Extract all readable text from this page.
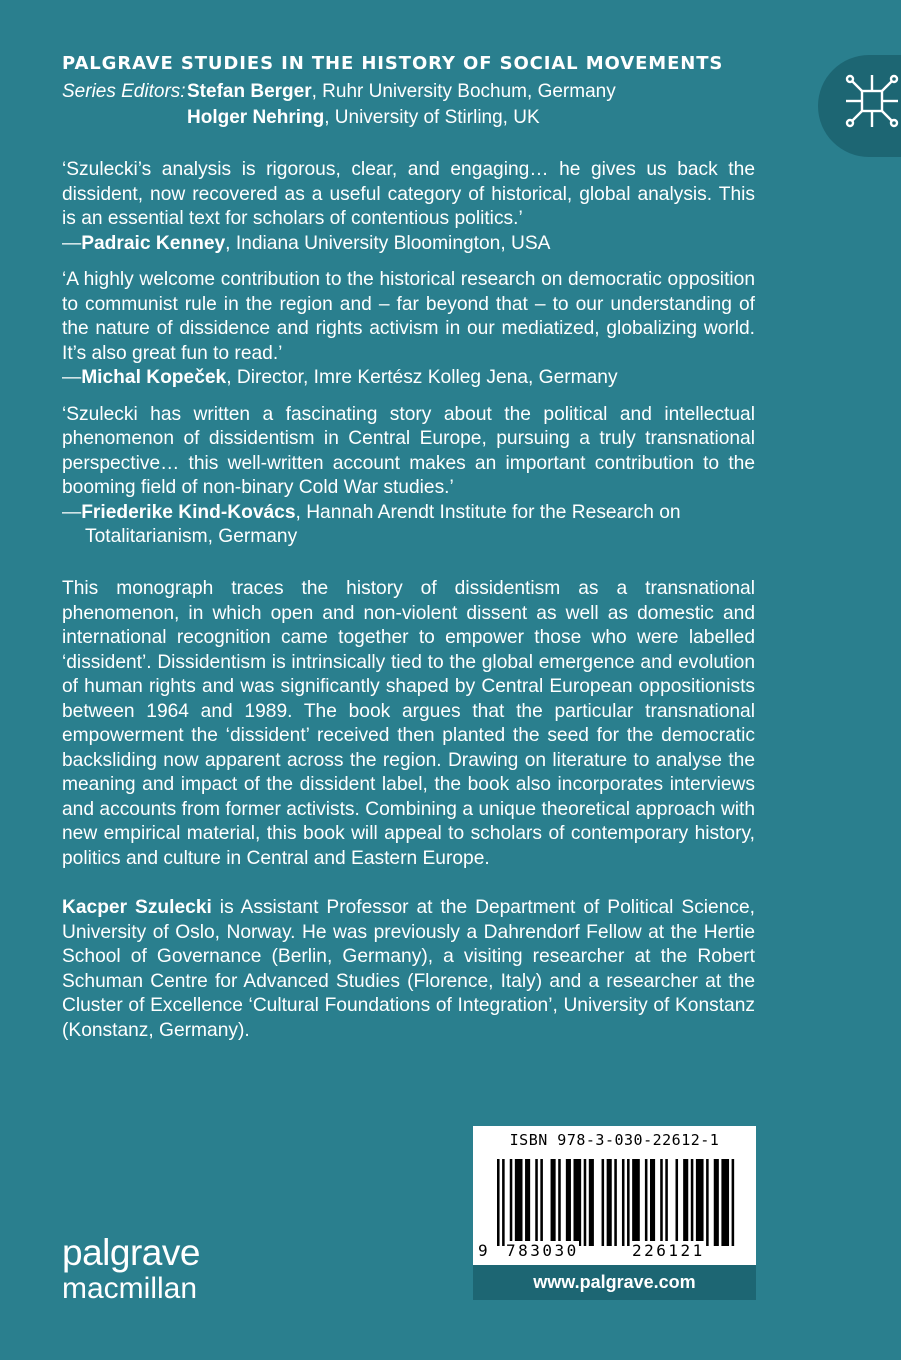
PALGRAVE STUDIES IN THE HISTORY OF SOCIAL MOVEMENTS
Series Editors: Stefan Berger , Ruhr University Bochum, Germany
Holger Nehring , University of Stirling, UK

‘Szulecki’s analysis is rigorous, clear, and engaging… he gives us back the dissident, now recovered as a useful category of historical, global analysis. This is an essential text for scholars of contentious politics.’

—Padraic Kenney, Indiana University Bloomington, USA

‘A highly welcome contribution to the historical research on democratic opposition to communist rule in the region and – far beyond that – to our understanding of the nature of dissidence and rights activism in our mediatized, globalizing world. It’s also great fun to read.’

—Michal Kopeček, Director, Imre Kertész Kolleg Jena, Germany

‘Szulecki has written a fascinating story about the political and intellectual phenomenon of dissidentism in Central Europe, pursuing a truly transnational perspective… this well-written account makes an important contribution to the booming field of non-binary Cold War studies.’

—Friederike Kind-Kovács, Hannah Arendt Institute for the Research on Totalitarianism, Germany

This monograph traces the history of dissidentism as a transnational phenomenon, in which open and non-violent dissent as well as domestic and international recognition came together to empower those who were labelled ‘dissident’. Dissidentism is intrinsically tied to the global emergence and evolution of human rights and was significantly shaped by Central European oppositionists between 1964 and 1989. The book argues that the particular transnational empowerment the ‘dissident’ received then planted the seed for the democratic backsliding now apparent across the region. Drawing on literature to analyse the meaning and impact of the dissident label, the book also incorporates interviews and accounts from former activists. Combining a unique theoretical approach with new empirical material, this book will appeal to scholars of contemporary history, politics and culture in Central and Eastern Europe.

Kacper Szulecki is Assistant Professor at the Department of Political Science, University of Oslo, Norway. He was previously a Dahrendorf Fellow at the Hertie School of Governance (Berlin, Germany), a visiting researcher at the Robert Schuman Centre for Advanced Studies (Florence, Italy) and a researcher at the Cluster of Excellence ‘Cultural Foundations of Integration’, University of Konstanz (Konstanz, Germany).

palgrave
macmillan
ISBN 978-3-030-22612-1
9 783030	226121
www.palgrave.com
